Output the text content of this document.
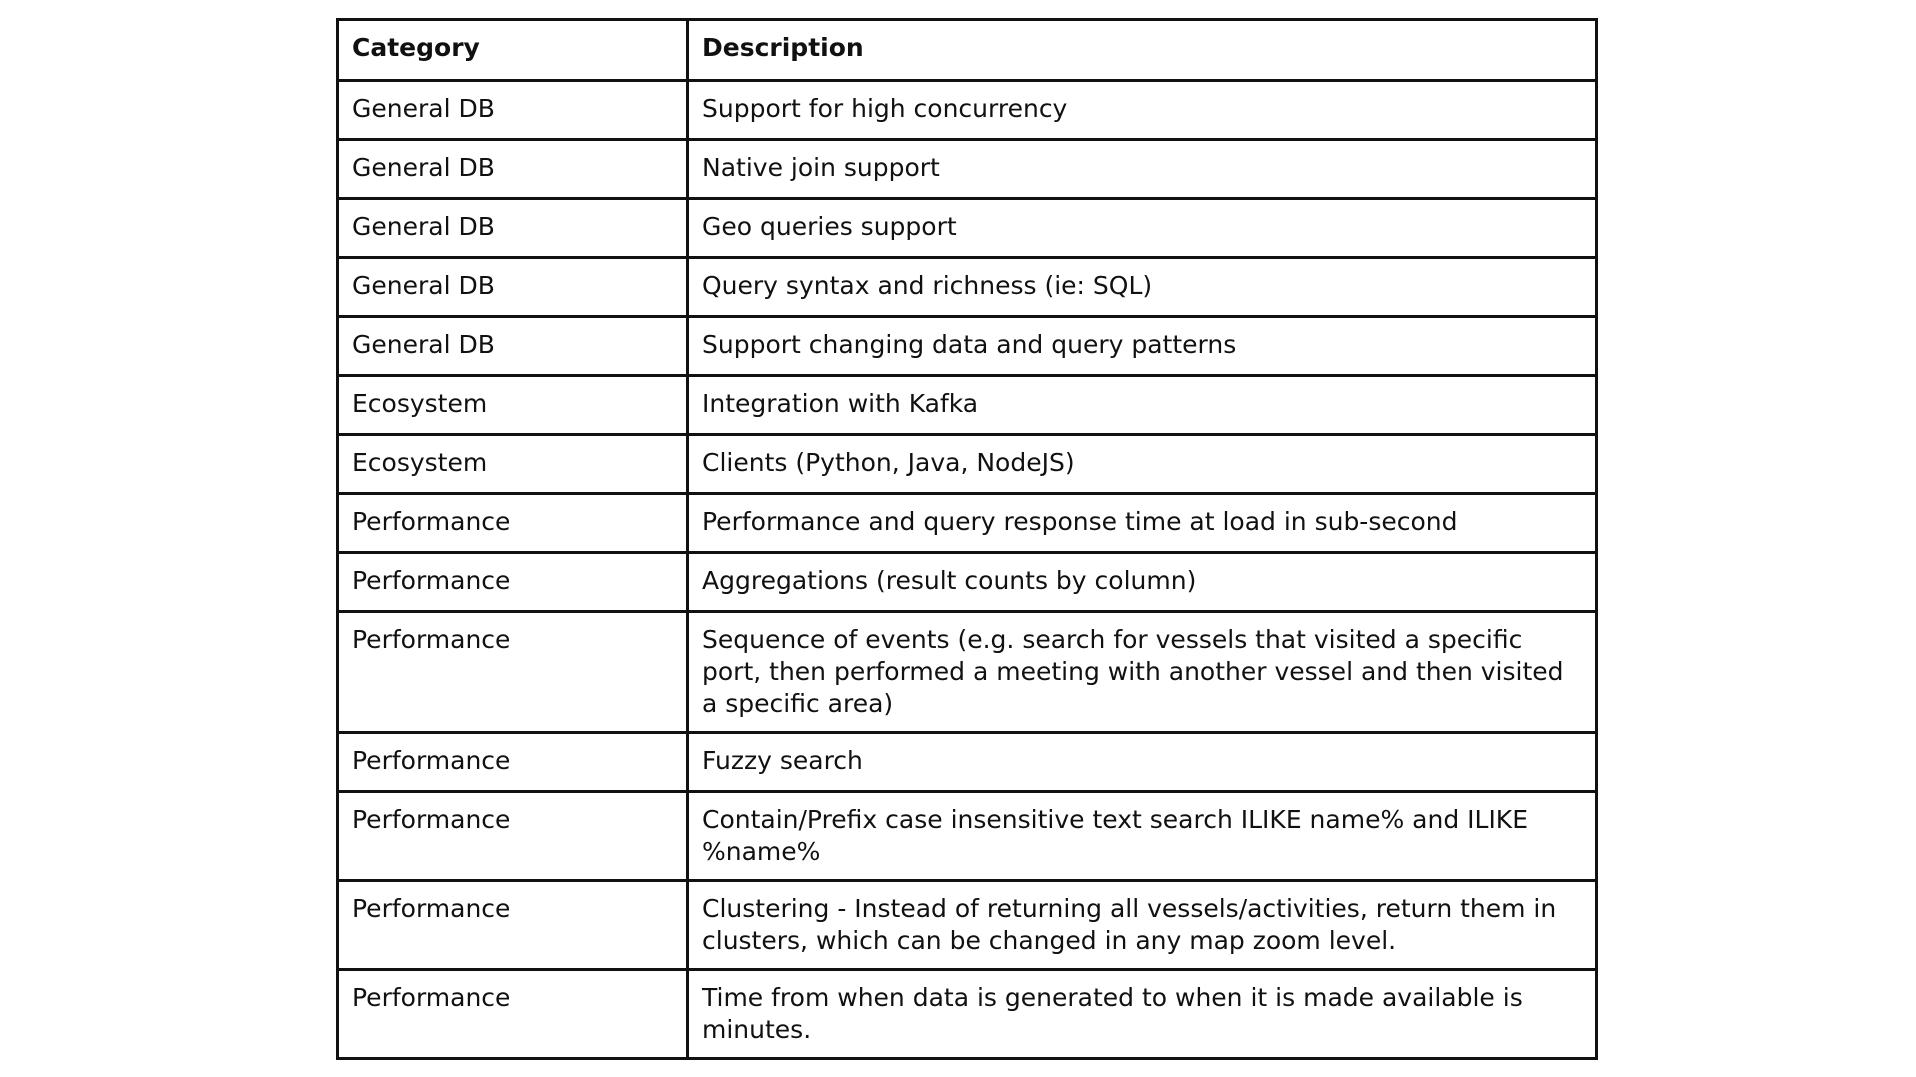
Category	Description
General DB	Support for high concurrency
General DB	Native join support
General DB	Geo queries support
General DB	Query syntax and richness (ie: SQL)
General DB	Support changing data and query patterns
Ecosystem	Integration with Kafka
Ecosystem	Clients (Python, Java, NodeJS)
Performance	Performance and query response time at load in sub-second
Performance	Aggregations (result counts by column)
Performance	Sequence of events (e.g. search for vessels that visited a specific port, then performed a meeting with another vessel and then visited a specific area)
Performance	Fuzzy search
Performance	Contain/Prefix case insensitive text search ILIKE name% and ILIKE %name%
Performance	Clustering - Instead of returning all vessels/activities, return them in clusters, which can be changed in any map zoom level.
Performance	Time from when data is generated to when it is made available is minutes.
